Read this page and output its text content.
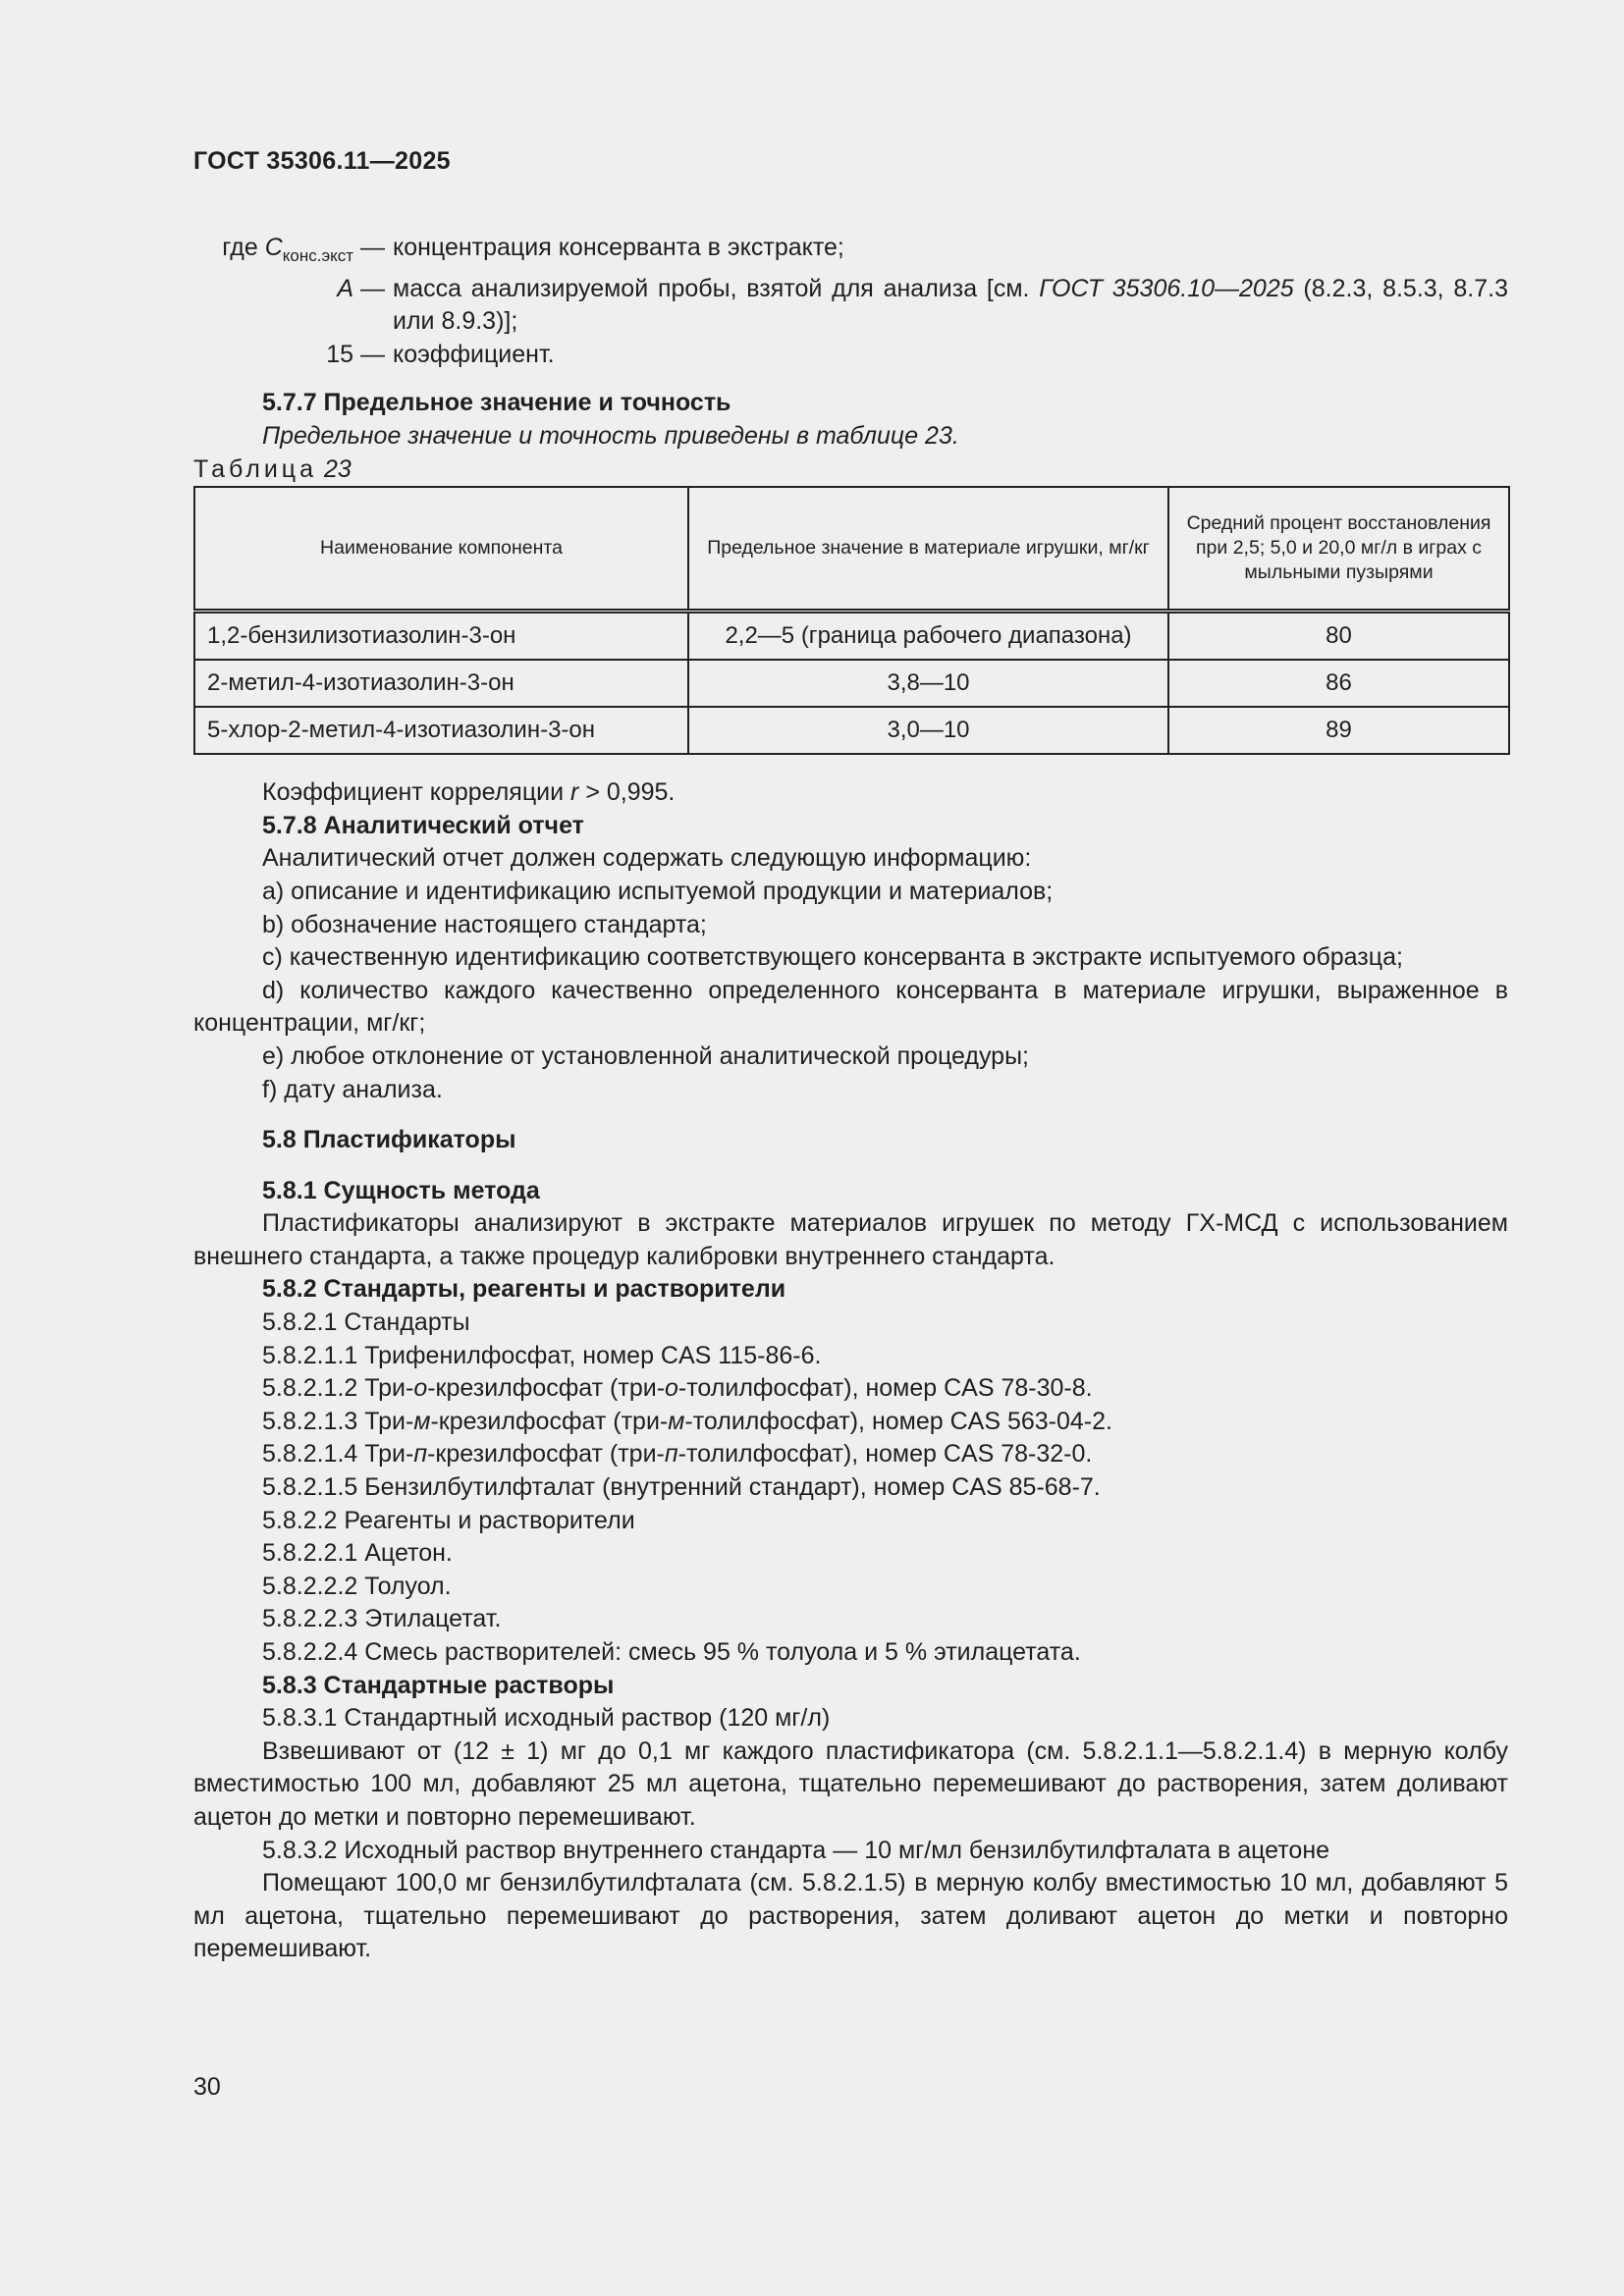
ГОСТ 35306.11—2025
где $C_{конс.экст}$ — концентрация консерванта в экстракте;
A — масса анализируемой пробы, взятой для анализа [см. ГОСТ 35306.10—2025 (8.2.3, 8.5.3, 8.7.3 или 8.9.3)];
15 — коэффициент.

5.7.7 Предельное значение и точность

Предельное значение и точность приведены в таблице 23.

Таблица 23

Наименование компонента	Предельное значение в материале игрушки, мг/кг	Средний процент восстановления при 2,5; 5,0 и 20,0 мг/л в играх с мыльными пузырями
1,2-бензилизотиазолин-3-он	2,2—5 (граница рабочего диапазона)	80
2-метил-4-изотиазолин-3-он	3,8—10	86
5-хлор-2-метил-4-изотиазолин-3-он	3,0—10	89

Коэффициент корреляции r > 0,995.

5.7.8 Аналитический отчет

Аналитический отчет должен содержать следующую информацию:

a) описание и идентификацию испытуемой продукции и материалов;

b) обозначение настоящего стандарта;

c) качественную идентификацию соответствующего консерванта в экстракте испытуемого образца;

d) количество каждого качественно определенного консерванта в материале игрушки, выраженное в концентрации, мг/кг;

e) любое отклонение от установленной аналитической процедуры;

f) дату анализа.

5.8 Пластификаторы

5.8.1 Сущность метода

Пластификаторы анализируют в экстракте материалов игрушек по методу ГХ-МСД с использованием внешнего стандарта, а также процедур калибровки внутреннего стандарта.

5.8.2 Стандарты, реагенты и растворители

5.8.2.1 Стандарты

5.8.2.1.1 Трифенилфосфат, номер CAS 115-86-6.

5.8.2.1.2 Три-о-крезилфосфат (три-о-толилфосфат), номер CAS 78-30-8.

5.8.2.1.3 Три-м-крезилфосфат (три-м-толилфосфат), номер CAS 563-04-2.

5.8.2.1.4 Три-п-крезилфосфат (три-п-толилфосфат), номер CAS 78-32-0.

5.8.2.1.5 Бензилбутилфталат (внутренний стандарт), номер CAS 85-68-7.

5.8.2.2 Реагенты и растворители

5.8.2.2.1 Ацетон.

5.8.2.2.2 Толуол.

5.8.2.2.3 Этилацетат.

5.8.2.2.4 Смесь растворителей: смесь 95 % толуола и 5 % этилацетата.

5.8.3 Стандартные растворы

5.8.3.1 Стандартный исходный раствор (120 мг/л)

Взвешивают от (12 ± 1) мг до 0,1 мг каждого пластификатора (см. 5.8.2.1.1—5.8.2.1.4) в мерную колбу вместимостью 100 мл, добавляют 25 мл ацетона, тщательно перемешивают до растворения, затем доливают ацетон до метки и повторно перемешивают.

5.8.3.2 Исходный раствор внутреннего стандарта — 10 мг/мл бензилбутилфталата в ацетоне

Помещают 100,0 мг бензилбутилфталата (см. 5.8.2.1.5) в мерную колбу вместимостью 10 мл, добавляют 5 мл ацетона, тщательно перемешивают до растворения, затем доливают ацетон до метки и повторно перемешивают.

30
